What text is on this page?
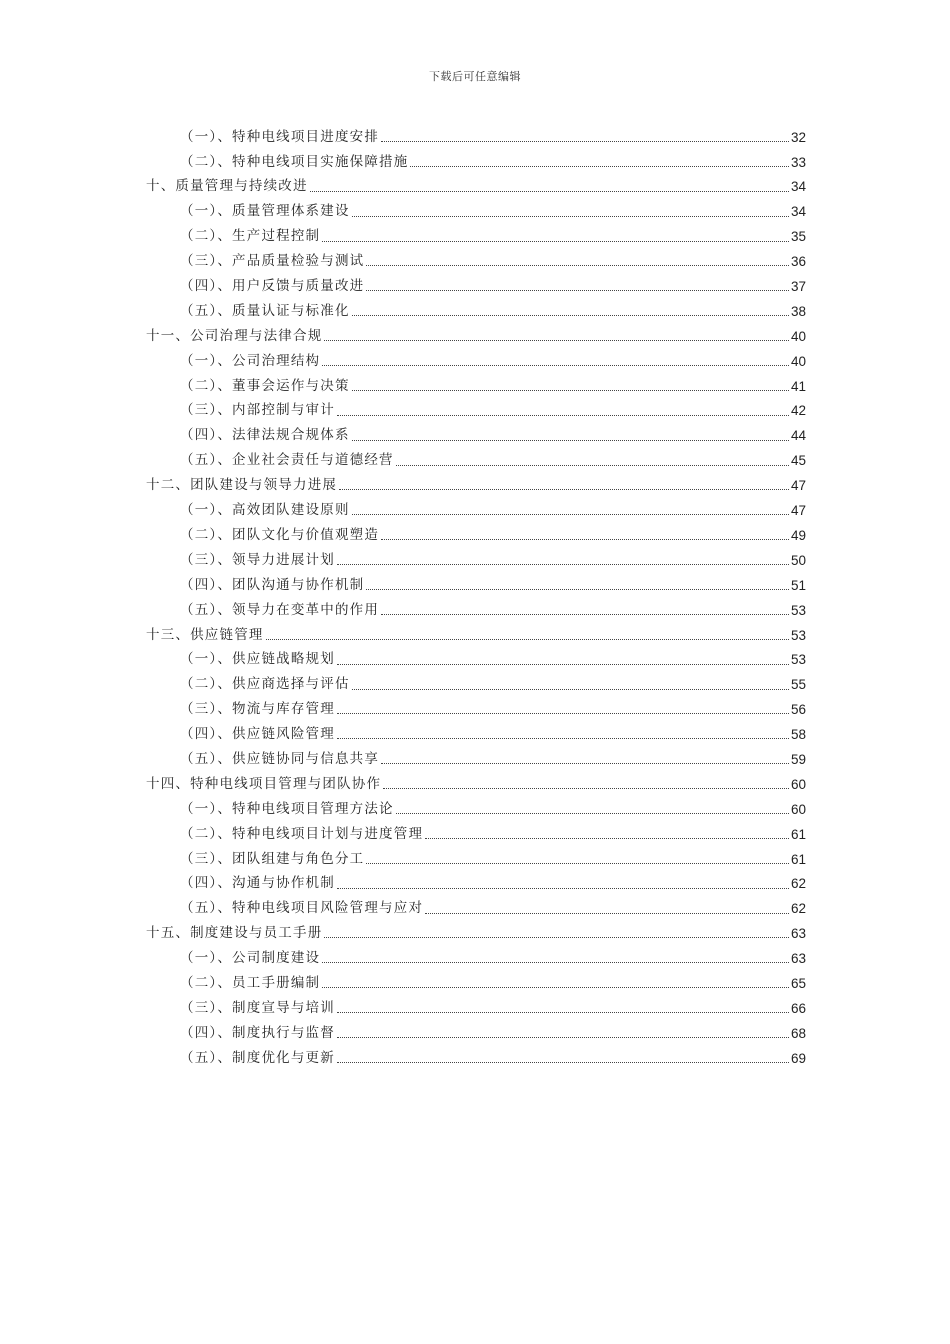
下载后可任意编辑
（一）、特种电线项目进度安排	32
（二）、特种电线项目实施保障措施	33
十、质量管理与持续改进	34
（一）、质量管理体系建设	34
（二）、生产过程控制	35
（三）、产品质量检验与测试	36
（四）、用户反馈与质量改进	37
（五）、质量认证与标准化	38
十一、公司治理与法律合规	40
（一）、公司治理结构	40
（二）、董事会运作与决策	41
（三）、内部控制与审计	42
（四）、法律法规合规体系	44
（五）、企业社会责任与道德经营	45
十二、团队建设与领导力进展	47
（一）、高效团队建设原则	47
（二）、团队文化与价值观塑造	49
（三）、领导力进展计划	50
（四）、团队沟通与协作机制	51
（五）、领导力在变革中的作用	53
十三、供应链管理	53
（一）、供应链战略规划	53
（二）、供应商选择与评估	55
（三）、物流与库存管理	56
（四）、供应链风险管理	58
（五）、供应链协同与信息共享	59
十四、特种电线项目管理与团队协作	60
（一）、特种电线项目管理方法论	60
（二）、特种电线项目计划与进度管理	61
（三）、团队组建与角色分工	61
（四）、沟通与协作机制	62
（五）、特种电线项目风险管理与应对	62
十五、制度建设与员工手册	63
（一）、公司制度建设	63
（二）、员工手册编制	65
（三）、制度宣导与培训	66
（四）、制度执行与监督	68
（五）、制度优化与更新	69
